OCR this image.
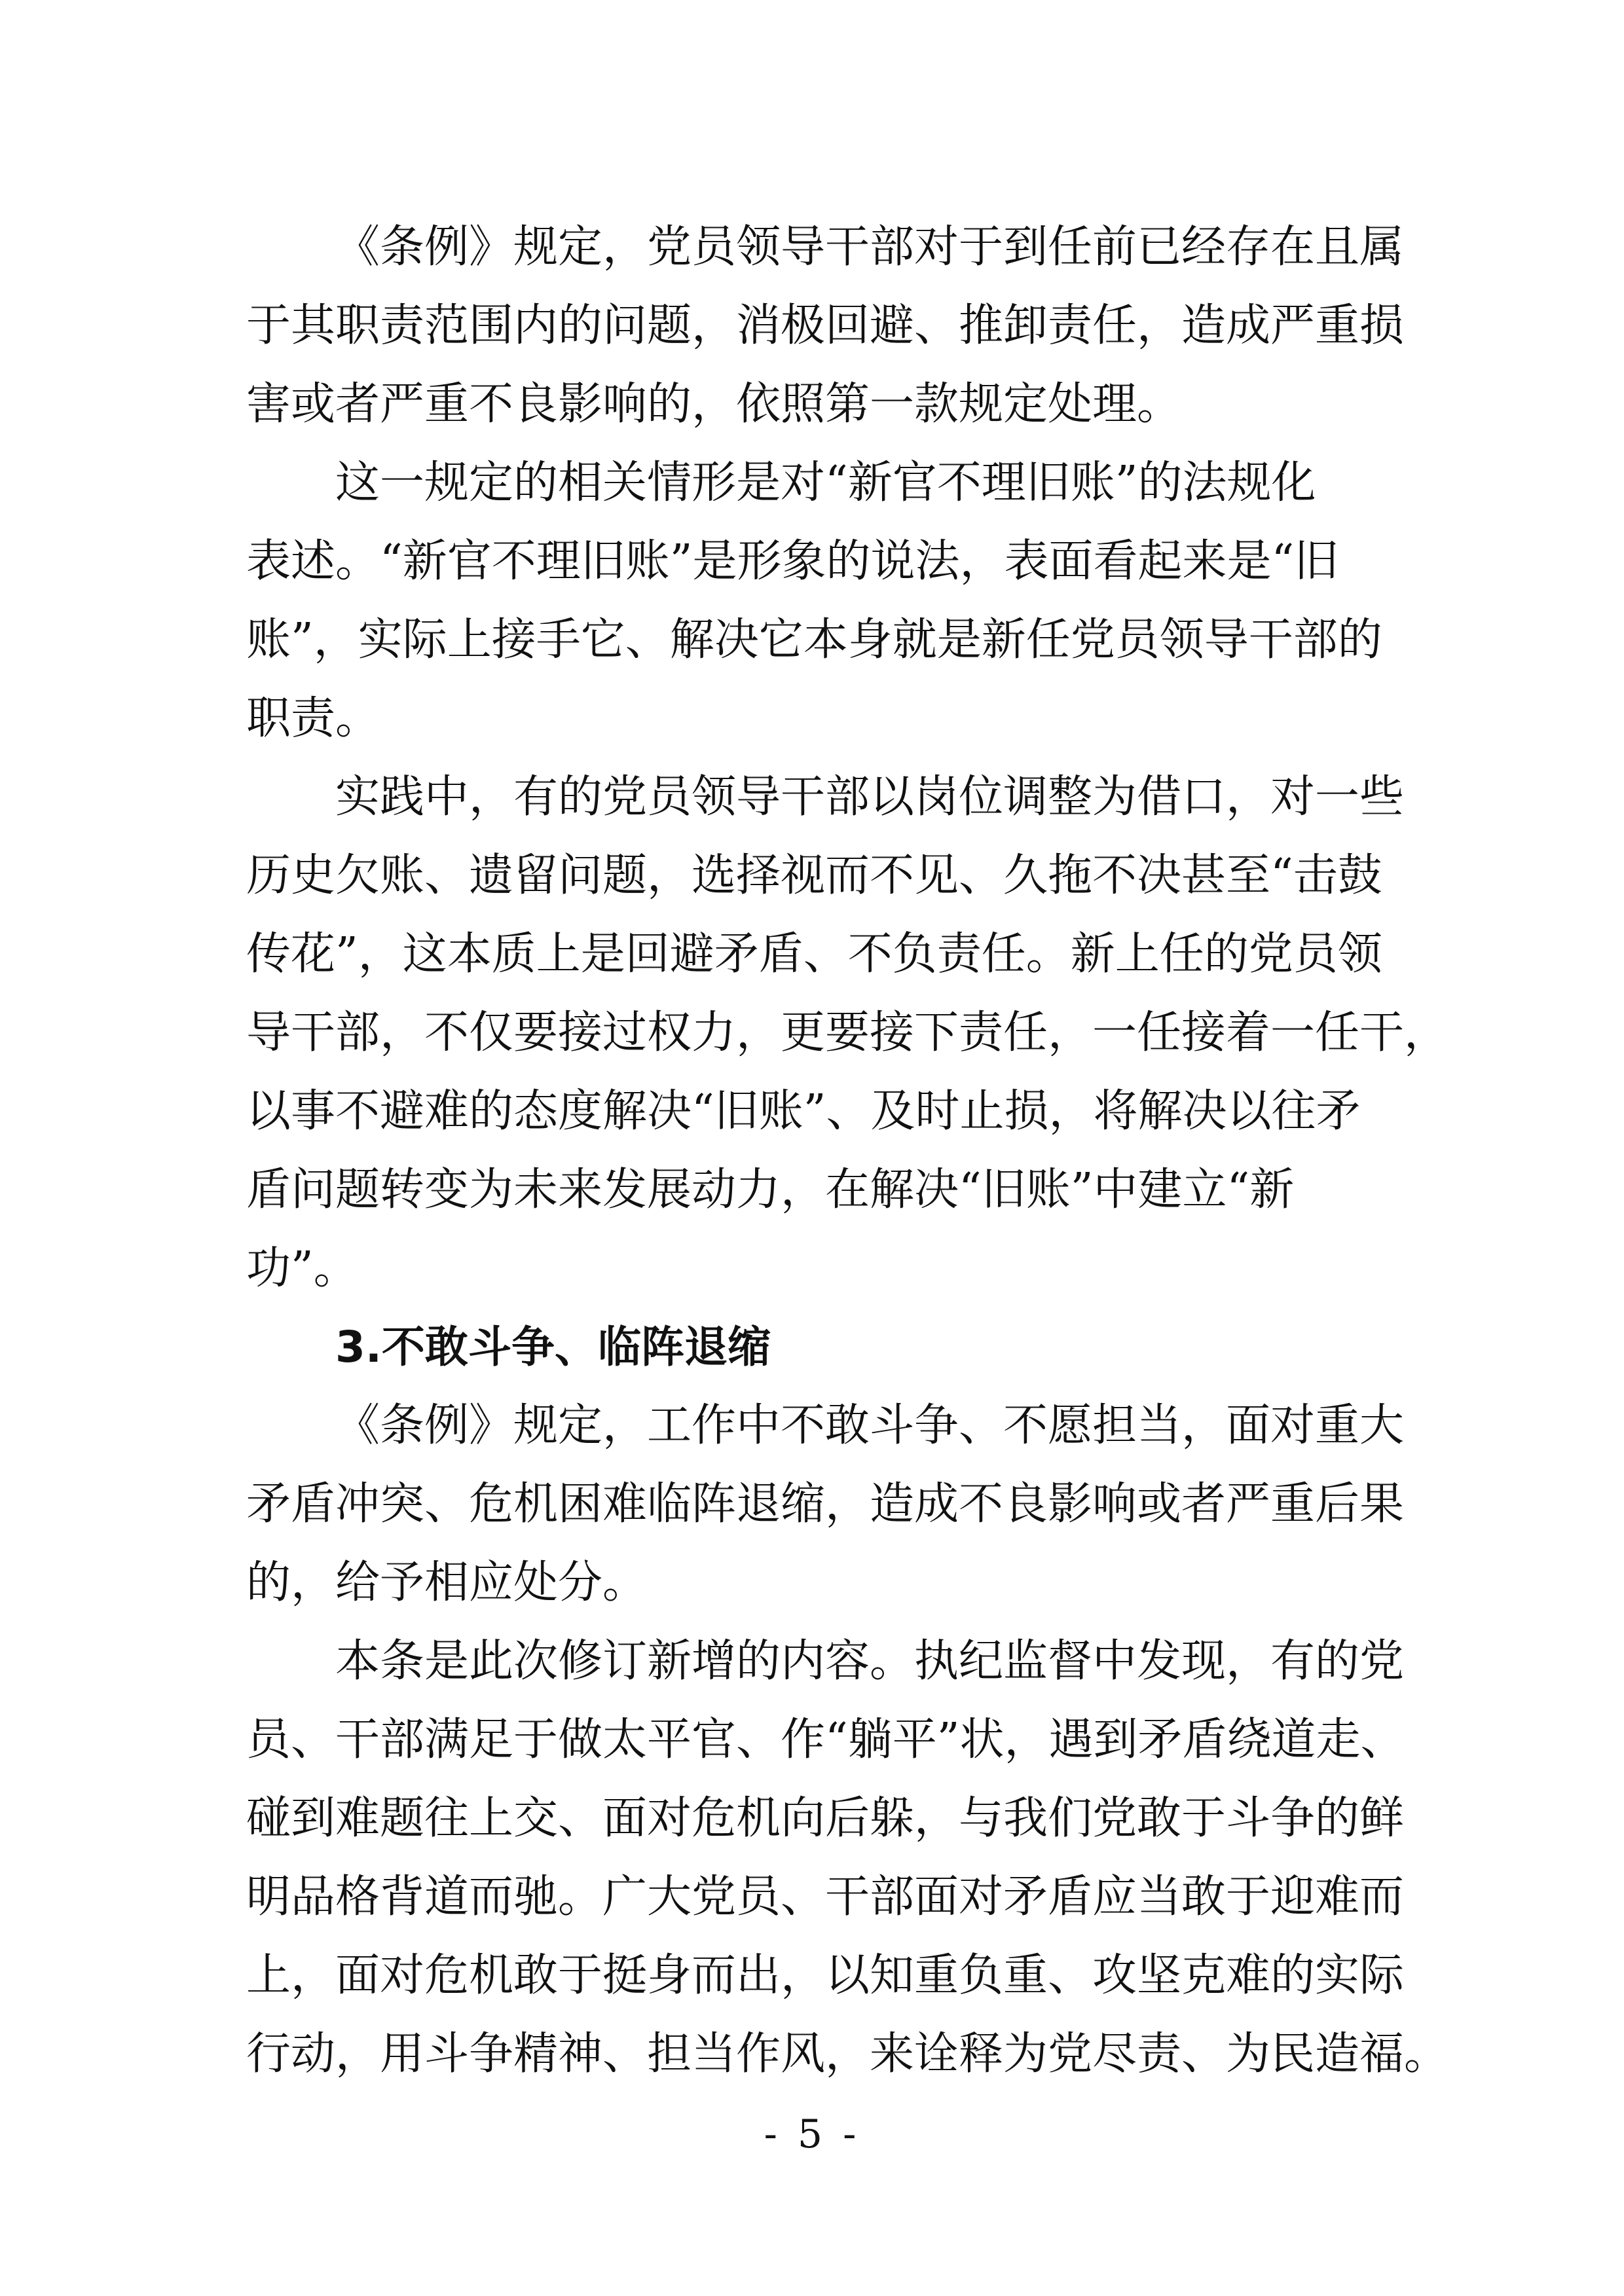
《条例》规定，党员领导干部对于到任前已经存在且属
于其职责范围内的问题，消极回避、推卸责任，造成严重损
害或者严重不良影响的，依照第一款规定处理。
这一规定的相关情形是对“新官不理旧账”的法规化
表述。“新官不理旧账”是形象的说法，表面看起来是“旧
账”，实际上接手它、解决它本身就是新任党员领导干部的
职责。
实践中，有的党员领导干部以岗位调整为借口，对一些
历史欠账、遗留问题，选择视而不见、久拖不决甚至“击鼓
传花”，这本质上是回避矛盾、不负责任。新上任的党员领
导干部，不仅要接过权力，更要接下责任，一任接着一任干，
以事不避难的态度解决“旧账”、及时止损，将解决以往矛
盾问题转变为未来发展动力，在解决“旧账”中建立“新
功”。
3.不敢斗争、临阵退缩
《条例》规定，工作中不敢斗争、不愿担当，面对重大
矛盾冲突、危机困难临阵退缩，造成不良影响或者严重后果
的，给予相应处分。
本条是此次修订新增的内容。执纪监督中发现，有的党
员、干部满足于做太平官、作“躺平”状，遇到矛盾绕道走、
碰到难题往上交、面对危机向后躲，与我们党敢于斗争的鲜
明品格背道而驰。广大党员、干部面对矛盾应当敢于迎难而
上，面对危机敢于挺身而出，以知重负重、攻坚克难的实际
行动，用斗争精神、担当作风，来诠释为党尽责、为民造福。
- 5 -
